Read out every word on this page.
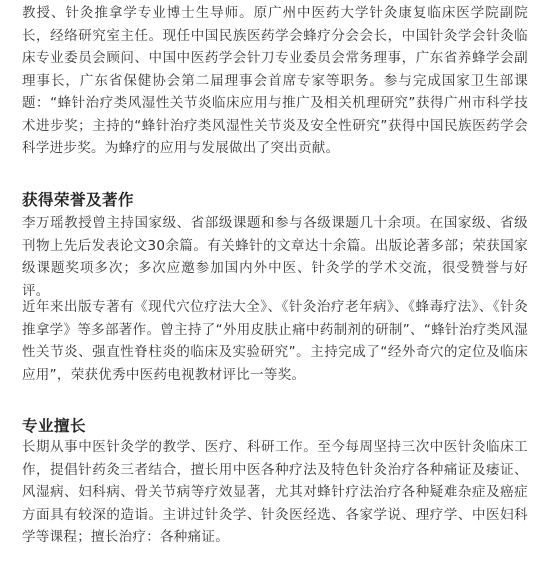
教授、针灸推拿学专业博士生导师。原广州中医药大学针灸康复临床医学院副院长，经络研究室主任。现任中国民族医药学会蜂疗分会会长，中国针灸学会针灸临床专业委员会顾问、中国中医药学会针刀专业委员会常务理事，广东省养蜂学会副理事长，广东省保健协会第二届理事会首席专家等职务。参与完成国家卫生部课题：“蜂针治疗类风湿性关节炎临床应用与推广及相关机理研究”获得广州市科学技术进步奖；主持的“蜂针治疗类风湿性关节炎及安全性研究”获得中国民族医药学会科学进步奖。为蜂疗的应用与发展做出了突出贡献。

获得荣誉及著作

李万瑶教授曾主持国家级、省部级课题和参与各级课题几十余项。在国家级、省级刊物上先后发表论文30余篇。有关蜂针的文章达十余篇。出版论著多部；荣获国家级课题奖项多次；多次应邀参加国内外中医、针灸学的学术交流，很受赞誉与好评。

近年来出版专著有《现代穴位疗法大全》、《针灸治疗老年病》、《蜂毒疗法》、《针灸推拿学》等多部著作。曾主持了“外用皮肤止痛中药制剂的研制”、“蜂针治疗类风湿性关节炎、强直性脊柱炎的临床及实验研究”。主持完成了“经外奇穴的定位及临床应用”，荣获优秀中医药电视教材评比一等奖。

专业擅长

长期从事中医针灸学的教学、医疗、科研工作。至今每周坚持三次中医针灸临床工作，提倡针药灸三者结合，擅长用中医各种疗法及特色针灸治疗各种痛证及痿证、 风湿病、妇科病、骨关节病等疗效显著，尤其对蜂针疗法治疗各种疑难杂症及癌症方面具有较深的造诣。主讲过针灸学、针灸医经选、各家学说、理疗学、中医妇科学等课程；擅长治疗：各种痛证。
